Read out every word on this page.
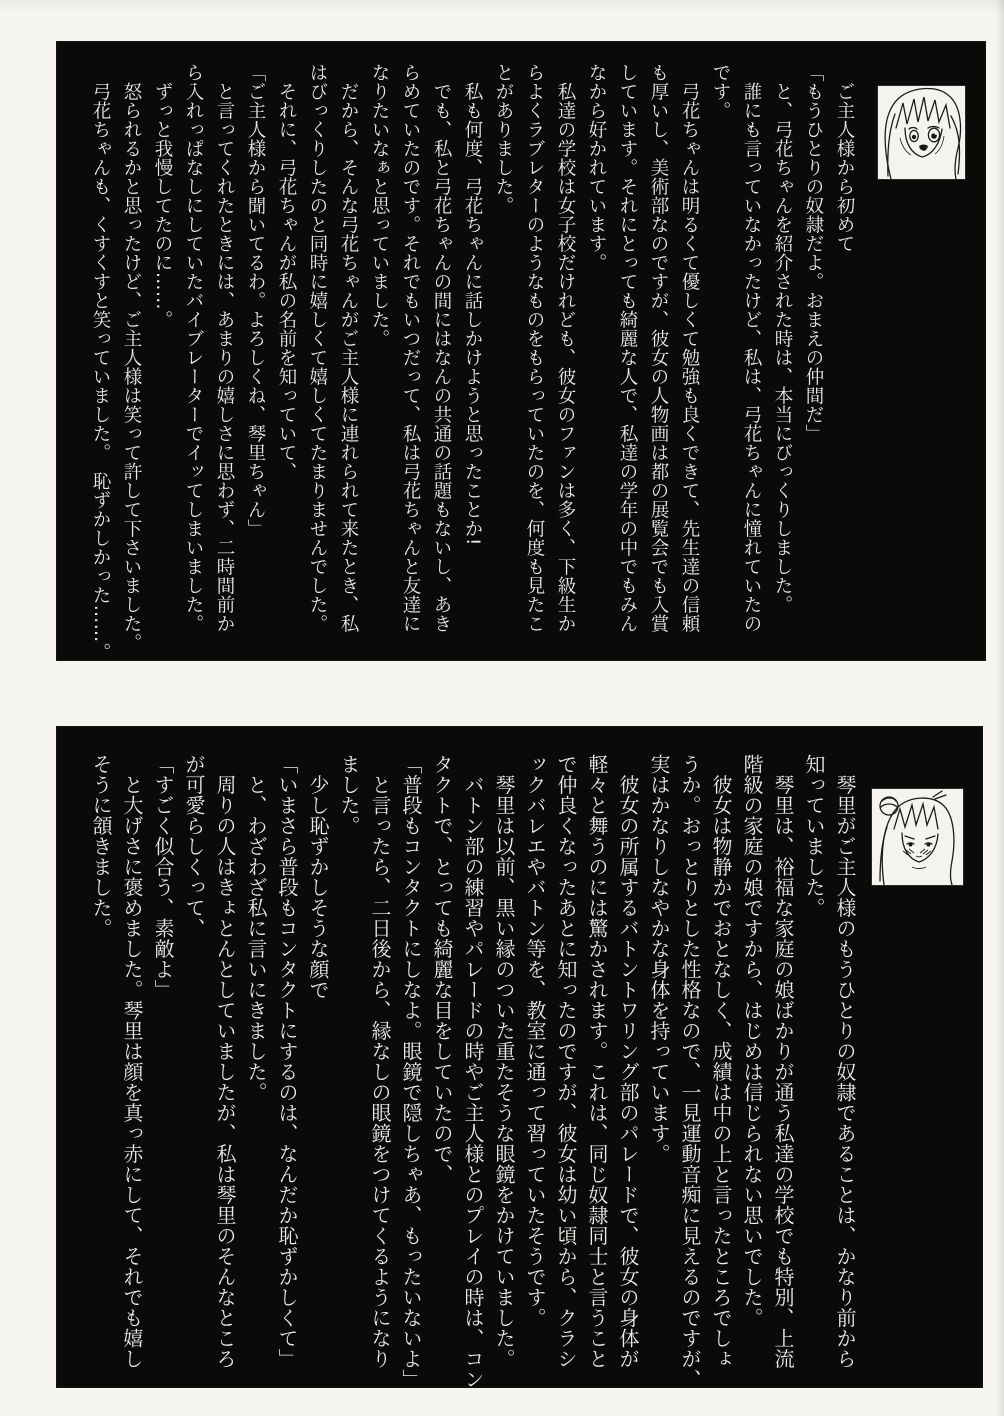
　ご主人様から初めて
「もうひとりの奴隷だよ。おまえの仲間だ」
　と、弓花ちゃんを紹介された時は、本当にびっくりしました。
　誰にも言っていなかったけど、私は、弓花ちゃんに憧れていたの
です。
　弓花ちゃんは明るくて優しくて勉強も良くできて、先生達の信頼
も厚いし、美術部なのですが、彼女の人物画は都の展覧会でも入賞
しています。それにとっても綺麗な人で、私達の学年の中でもみん
なから好かれています。
　私達の学校は女子校だけれども、彼女のファンは多く、下級生か
らよくラブレターのようなものをもらっていたのを、何度も見たこ
とがありました。
　私も何度、弓花ちゃんに話しかけようと思ったことか!
　でも、私と弓花ちゃんの間にはなんの共通の話題もないし、あき
らめていたのです。それでもいつだって、私は弓花ちゃんと友達に
なりたいなぁと思っていました。
　だから、そんな弓花ちゃんがご主人様に連れられて来たとき、私
はびっくりしたのと同時に嬉しくて嬉しくてたまりませんでした。
　それに、弓花ちゃんが私の名前を知っていて、
「ご主人様から聞いてるわ。よろしくね、琴里ちゃん」
　と言ってくれたときには、あまりの嬉しさに思わず、二時間前か
ら入れっぱなしにしていたバイブレーターでイッてしまいました。
　ずっと我慢してたのに……。
　怒られるかと思ったけど、ご主人様は笑って許して下さいました。
　弓花ちゃんも、くすくすと笑っていました。　恥ずかしかった……。
　琴里がご主人様のもうひとりの奴隷であることは、かなり前から
知っていました。
　琴里は、裕福な家庭の娘ばかりが通う私達の学校でも特別、上流
階級の家庭の娘ですから、はじめは信じられない思いでした。
　彼女は物静かでおとなしく、成績は中の上と言ったところでしょ
うか。おっとりとした性格なので、一見運動音痴に見えるのですが、
実はかなりしなやかな身体を持っています。
　彼女の所属するバトントワリング部のパレードで、彼女の身体が
軽々と舞うのには驚かされます。これは、同じ奴隷同士と言うこと
で仲良くなったあとに知ったのですが、彼女は幼い頃から、クラシ
ックバレエやバトン等を、教室に通って習っていたそうです。
　琴里は以前、黒い縁のついた重たそうな眼鏡をかけていました。
　バトン部の練習やパレードの時やご主人様とのプレイの時は、コン
タクトで、とっても綺麗な目をしていたので、
「普段もコンタクトにしなよ。眼鏡で隠しちゃあ、もったいないよ」
　と言ったら、二日後から、縁なしの眼鏡をつけてくるようになり
ました。
　少し恥ずかしそうな顔で
「いまさら普段もコンタクトにするのは、なんだか恥ずかしくて」
　と、わざわざ私に言いにきました。
　周りの人はきょとんとしていましたが、私は琴里のそんなところ
が可愛らしくって、
「すごく似合う、素敵よ」
　と大げさに褒めました。琴里は顔を真っ赤にして、それでも嬉し
そうに頷きました。
